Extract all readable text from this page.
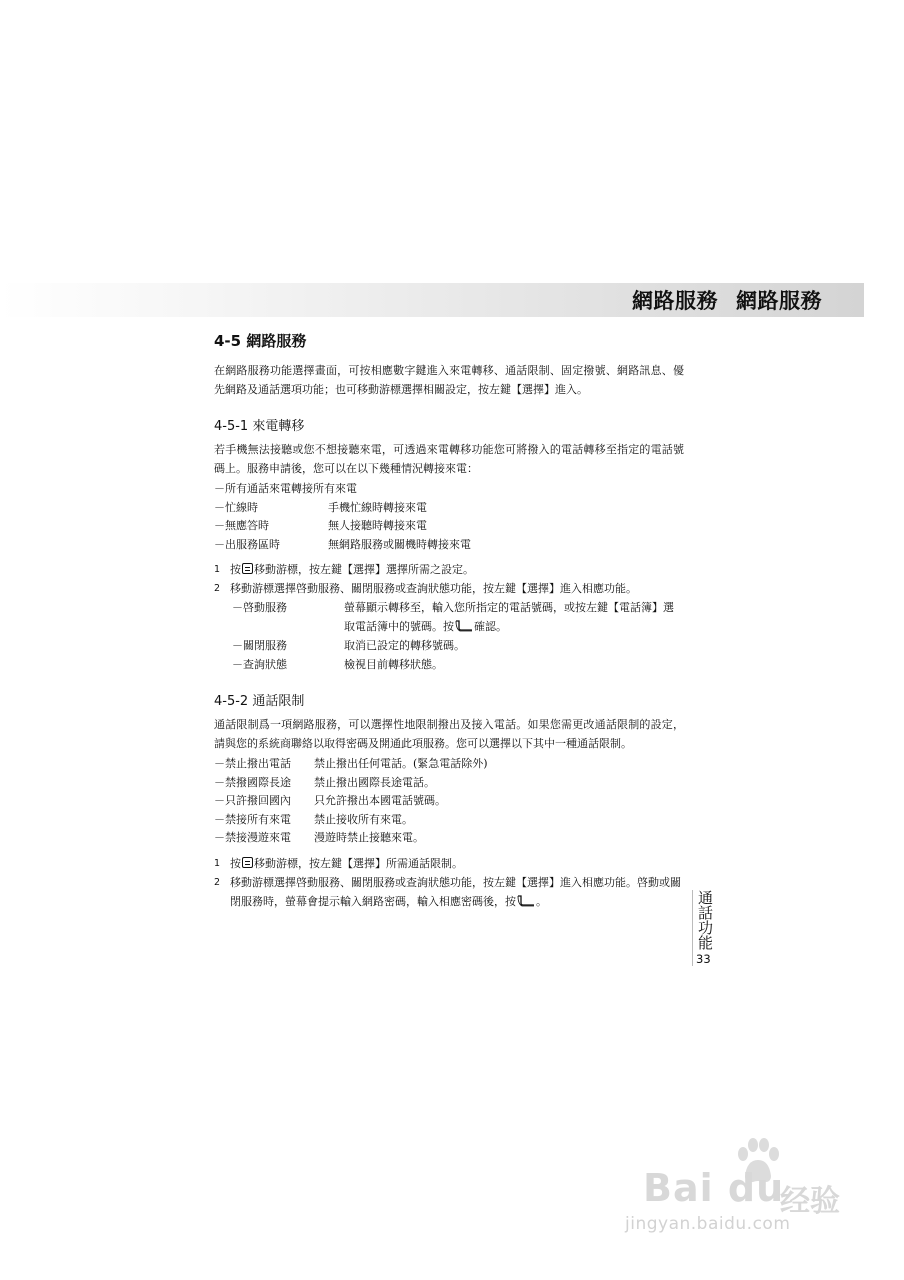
網路服務 網路服務
4-5 網路服務

在網路服務功能選擇畫面，可按相應數字鍵進入來電轉移、通話限制、固定撥號、網路訊息、優先網路及通話選項功能；也可移動游標選擇相關設定，按左鍵【選擇】進入。

4-5-1 來電轉移

若手機無法接聽或您不想接聽來電，可透過來電轉移功能您可將撥入的電話轉移至指定的電話號碼上。服務申請後，您可以在以下幾種情況轉接來電：

－所有通話來電轉接所有來電
－忙線時	手機忙線時轉接來電
－無應答時	無人接聽時轉接來電
－出服務區時	無網路服務或關機時轉接來電
1 按 移動游標，按左鍵【選擇】選擇所需之設定。
2 移動游標選擇啓動服務、關閉服務或查詢狀態功能，按左鍵【選擇】進入相應功能。
－啓動服務	螢幕顯示轉移至，輸入您所指定的電話號碼，或按左鍵【電話簿】選取電話簿中的號碼。按 確認。
－關閉服務	取消已設定的轉移號碼。
－查詢狀態	檢視目前轉移狀態。
4-5-2 通話限制

通話限制爲一項網路服務，可以選擇性地限制撥出及接入電話。如果您需更改通話限制的設定，請與您的系統商聯絡以取得密碼及開通此項服務。您可以選擇以下其中一種通話限制。

－禁止撥出電話	禁止撥出任何電話。(緊急電話除外)
－禁撥國際長途	禁止撥出國際長途電話。
－只許撥回國內	只允許撥出本國電話號碼。
－禁接所有來電	禁止接收所有來電。
－禁接漫遊來電	漫遊時禁止接聽來電。
1 按 移動游標，按左鍵【選擇】所需通話限制。
2 移動游標選擇啓動服務、關閉服務或查詢狀態功能，按左鍵【選擇】進入相應功能。啓動或關閉服務時，螢幕會提示輸入網路密碼，輸入相應密碼後，按 。	通話功能
33
Bai du
经验
jingyan.baidu.com
